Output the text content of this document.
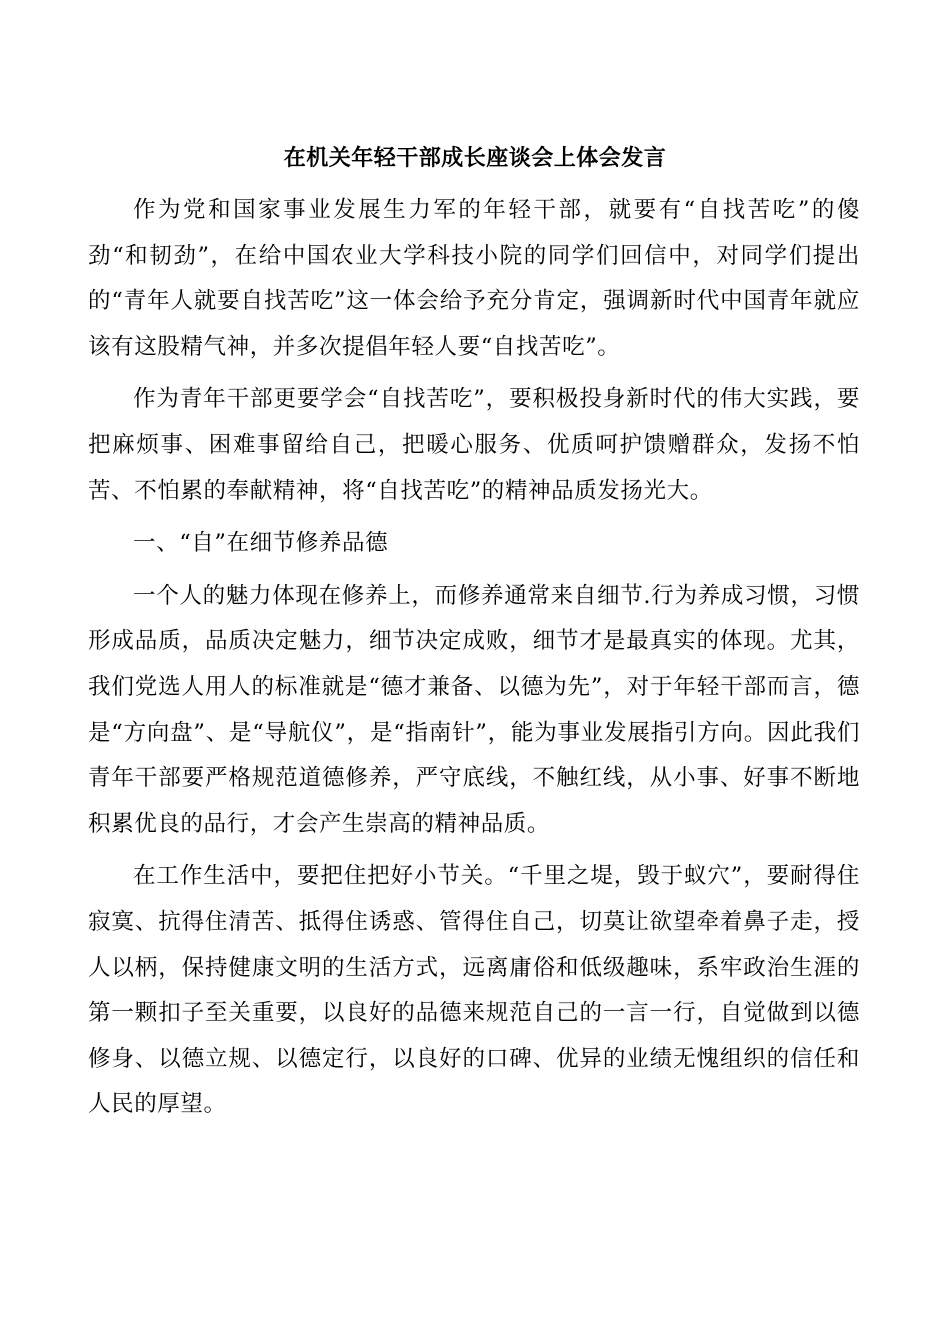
在机关年轻干部成长座谈会上体会发言

作为党和国家事业发展生力军的年轻干部，就要有“自找苦吃”的傻劲“和韧劲”，在给中国农业大学科技小院的同学们回信中，对同学们提出的“青年人就要自找苦吃”这一体会给予充分肯定，强调新时代中国青年就应该有这股精气神，并多次提倡年轻人要“自找苦吃”。

作为青年干部更要学会“自找苦吃”，要积极投身新时代的伟大实践，要把麻烦事、困难事留给自己，把暖心服务、优质呵护馈赠群众，发扬不怕苦、不怕累的奉献精神，将“自找苦吃”的精神品质发扬光大。

一、“自”在细节修养品德

一个人的魅力体现在修养上，而修养通常来自细节.行为养成习惯，习惯形成品质，品质决定魅力，细节决定成败，细节才是最真实的体现。尤其，我们党选人用人的标准就是“德才兼备、以德为先”，对于年轻干部而言，德是“方向盘”、是“导航仪”，是“指南针”，能为事业发展指引方向。因此我们青年干部要严格规范道德修养，严守底线，不触红线，从小事、好事不断地积累优良的品行，才会产生崇高的精神品质。

在工作生活中，要把住把好小节关。“千里之堤，毁于蚁穴”，要耐得住寂寞、抗得住清苦、抵得住诱惑、管得住自己，切莫让欲望牵着鼻子走，授人以柄，保持健康文明的生活方式，远离庸俗和低级趣味，系牢政治生涯的第一颗扣子至关重要，以良好的品德来规范自己的一言一行，自觉做到以德修身、以德立规、以德定行，以良好的口碑、优异的业绩无愧组织的信任和人民的厚望。
